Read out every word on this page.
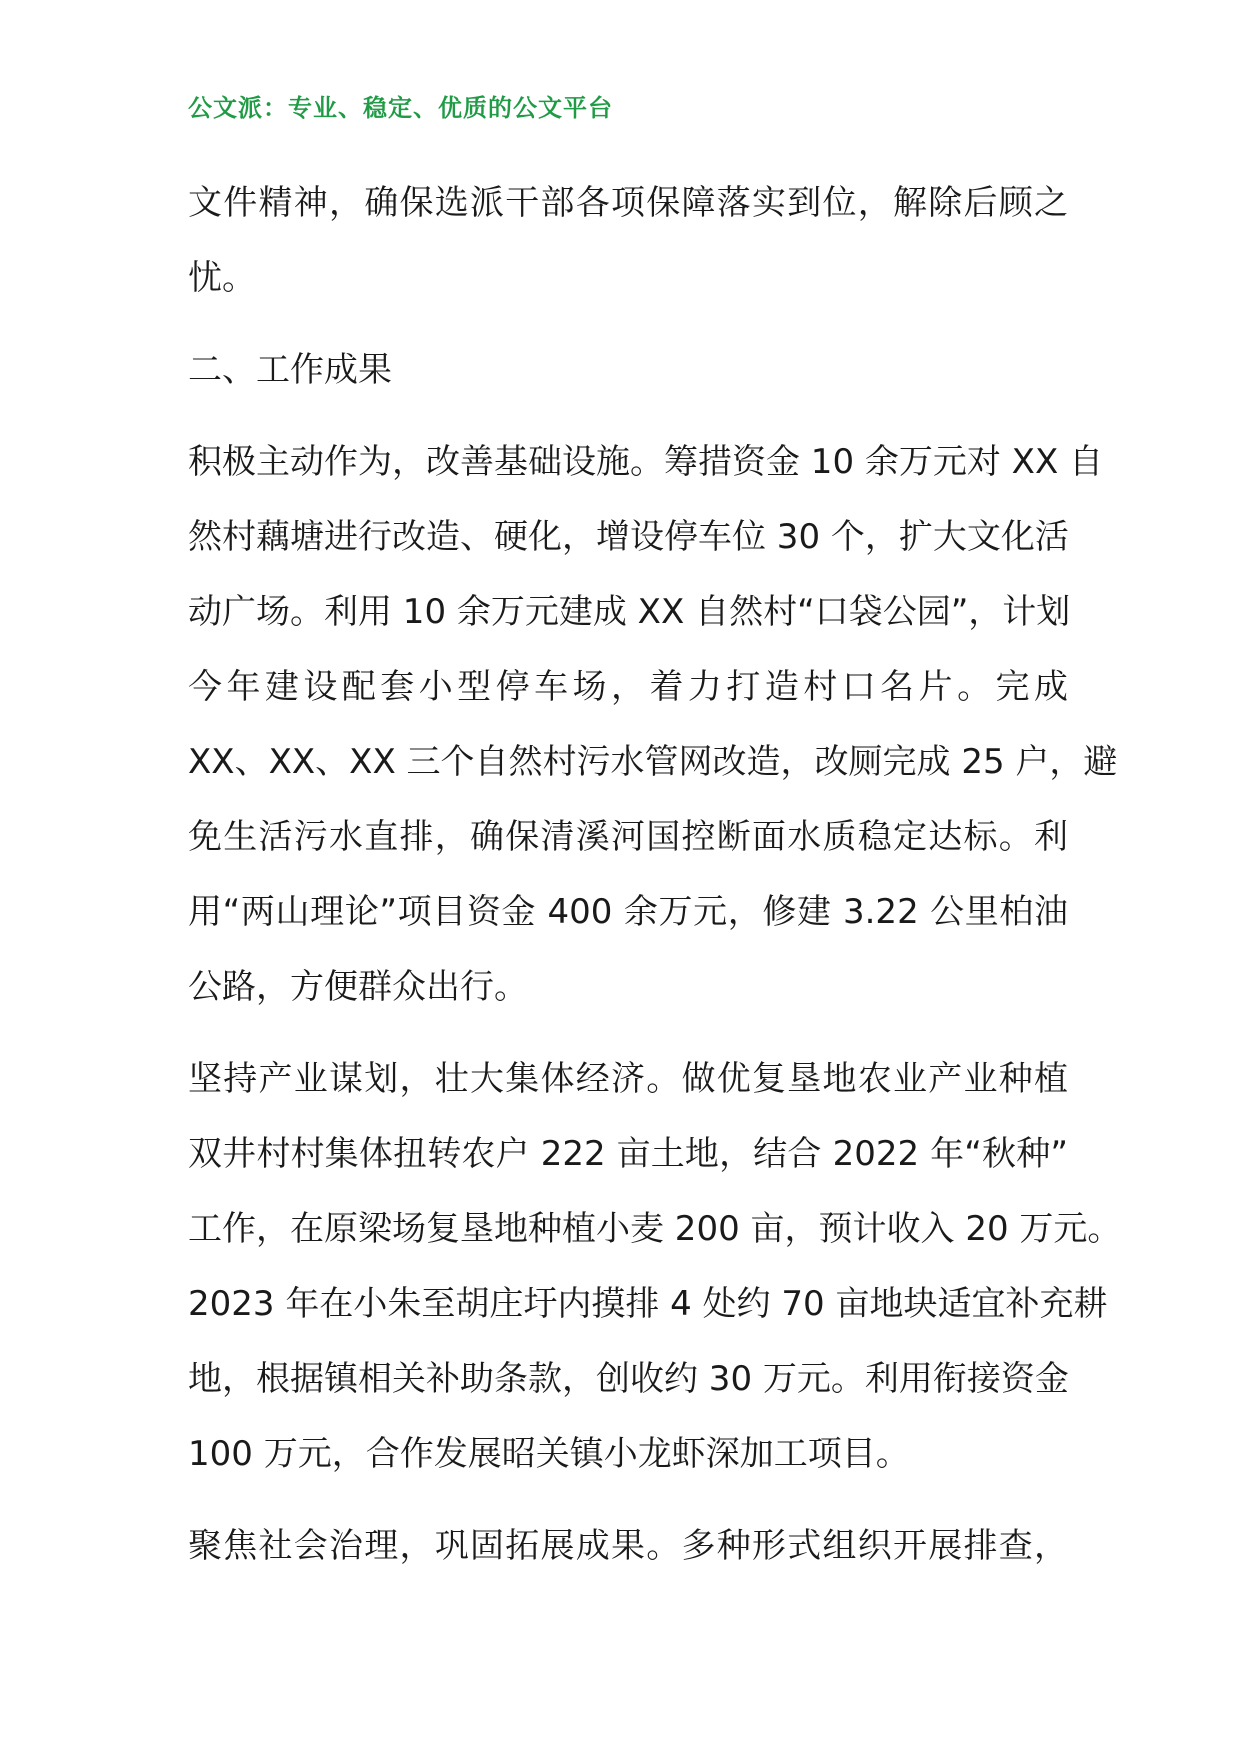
公文派：专业、稳定、优质的公文平台
文件精神，确保选派干部各项保障落实到位，解除后顾之
忧。
二、工作成果
积极主动作为，改善基础设施。筹措资金 10 余万元对 XX 自
然村藕塘进行改造、硬化，增设停车位 30 个，扩大文化活
动广场。利用 10 余万元建成 XX 自然村“口袋公园”，计划
今年建设配套小型停车场，着力打造村口名片。完成
XX、XX、XX 三个自然村污水管网改造，改厕完成 25 户，避
免生活污水直排，确保清溪河国控断面水质稳定达标。利
用“两山理论”项目资金 400 余万元，修建 3.22 公里柏油
公路，方便群众出行。
坚持产业谋划，壮大集体经济。做优复垦地农业产业种植
双井村村集体扭转农户 222 亩土地，结合 2022 年“秋种”
工作，在原梁场复垦地种植小麦 200 亩，预计收入 20 万元。
2023 年在小朱至胡庄圩内摸排 4 处约 70 亩地块适宜补充耕
地，根据镇相关补助条款，创收约 30 万元。利用衔接资金
100 万元，合作发展昭关镇小龙虾深加工项目。
聚焦社会治理，巩固拓展成果。多种形式组织开展排查，
